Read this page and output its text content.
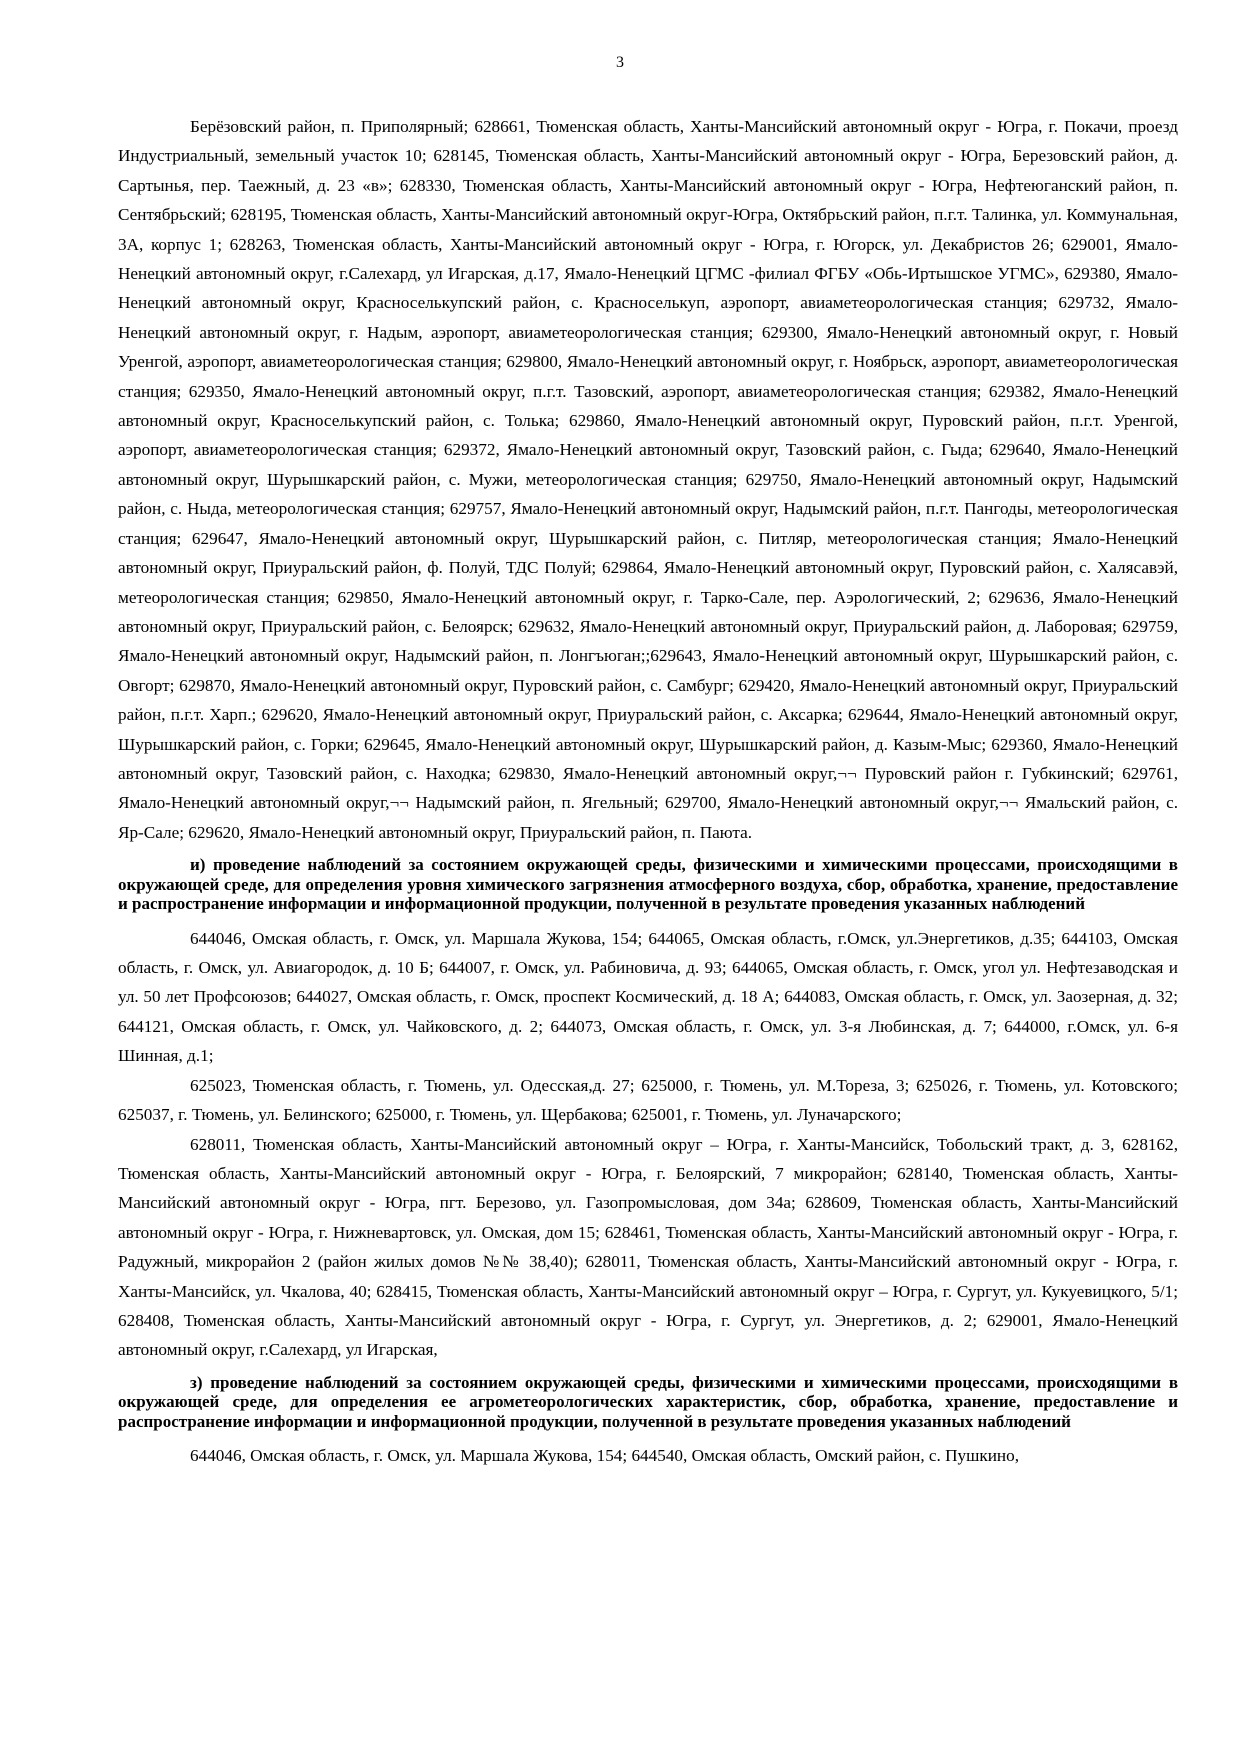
3

Берёзовский район, п. Приполярный; 628661, Тюменская область, Ханты-Мансийский автономный округ - Югра, г. Покачи, проезд Индустриальный, земельный участок 10; 628145, Тюменская область, Ханты-Мансийский автономный округ - Югра, Березовский район, д. Сартынья, пер. Таежный, д. 23 «в»; 628330, Тюменская область, Ханты-Мансийский автономный округ - Югра, Нефтеюганский район, п. Сентябрьский; 628195, Тюменская область, Ханты-Мансийский автономный округ-Югра, Октябрьский район, п.г.т. Талинка, ул. Коммунальная, 3А, корпус 1; 628263, Тюменская область, Ханты-Мансийский автономный округ - Югра, г. Югорск, ул. Декабристов 26; 629001, Ямало-Ненецкий автономный округ, г.Салехард, ул Игарская, д.17, Ямало-Ненецкий ЦГМС -филиал ФГБУ «Обь-Иртышское УГМС», 629380, Ямало-Ненецкий автономный округ, Красноселькупский район, с. Красноселькуп, аэропорт, авиаметеорологическая станция; 629732, Ямало-Ненецкий автономный округ, г. Надым, аэропорт, авиаметеорологическая станция; 629300, Ямало-Ненецкий автономный округ, г. Новый Уренгой, аэропорт, авиаметеорологическая станция; 629800, Ямало-Ненецкий автономный округ, г. Ноябрьск, аэропорт, авиаметеорологическая станция; 629350, Ямало-Ненецкий автономный округ, п.г.т. Тазовский, аэропорт, авиаметеорологическая станция; 629382, Ямало-Ненецкий автономный округ, Красноселькупский район, с. Толька; 629860, Ямало-Ненецкий автономный округ, Пуровский район, п.г.т. Уренгой, аэропорт, авиаметеорологическая станция; 629372, Ямало-Ненецкий автономный округ, Тазовский район, с. Гыда; 629640, Ямало-Ненецкий автономный округ, Шурышкарский район, с. Мужи, метеорологическая станция; 629750, Ямало-Ненецкий автономный округ, Надымский район, с. Ныда, метеорологическая станция; 629757, Ямало-Ненецкий автономный округ, Надымский район, п.г.т. Пангоды, метеорологическая станция; 629647, Ямало-Ненецкий автономный округ, Шурышкарский район, с. Питляр, метеорологическая станция; Ямало-Ненецкий автономный округ, Приуральский район, ф. Полуй, ТДС Полуй; 629864, Ямало-Ненецкий автономный округ, Пуровский район, с. Халясавэй, метеорологическая станция; 629850, Ямало-Ненецкий автономный округ, г. Тарко-Сале, пер. Аэрологический, 2; 629636, Ямало-Ненецкий автономный округ, Приуральский район, с. Белоярск; 629632, Ямало-Ненецкий автономный округ, Приуральский район, д. Лаборовая; 629759, Ямало-Ненецкий автономный округ, Надымский район, п. Лонгъюган;;629643, Ямало-Ненецкий автономный округ, Шурышкарский район, с. Овгорт; 629870, Ямало-Ненецкий автономный округ, Пуровский район, с. Самбург; 629420, Ямало-Ненецкий автономный округ, Приуральский район, п.г.т. Харп.; 629620, Ямало-Ненецкий автономный округ, Приуральский район, с. Аксарка; 629644, Ямало-Ненецкий автономный округ, Шурышкарский район, с. Горки; 629645, Ямало-Ненецкий автономный округ, Шурышкарский район, д. Казым-Мыс; 629360, Ямало-Ненецкий автономный округ, Тазовский район, с. Находка; 629830, Ямало-Ненецкий автономный округ,¬¬ Пуровский район г. Губкинский; 629761, Ямало-Ненецкий автономный округ,¬¬ Надымский район, п. Ягельный; 629700, Ямало-Ненецкий автономный округ,¬¬ Ямальский район, с. Яр-Сале; 629620, Ямало-Ненецкий автономный округ, Приуральский район, п. Паюта.

и) проведение наблюдений за состоянием окружающей среды, физическими и химическими процессами, происходящими в окружающей среде, для определения уровня химического загрязнения атмосферного воздуха, сбор, обработка, хранение, предоставление и распространение информации и информационной продукции, полученной в результате проведения указанных наблюдений

644046, Омская область, г. Омск, ул. Маршала Жукова, 154; 644065, Омская область, г.Омск, ул.Энергетиков, д.35; 644103, Омская область, г. Омск, ул. Авиагородок, д. 10 Б; 644007, г. Омск, ул. Рабиновича, д. 93; 644065, Омская область, г. Омск, угол ул. Нефтезаводская и ул. 50 лет Профсоюзов; 644027, Омская область, г. Омск, проспект Космический, д. 18 А; 644083, Омская область, г. Омск, ул. Заозерная, д. 32; 644121, Омская область, г. Омск, ул. Чайковского, д. 2; 644073, Омская область, г. Омск, ул. 3-я Любинская, д. 7; 644000, г.Омск, ул. 6-я Шинная, д.1;

625023, Тюменская область, г. Тюмень, ул. Одесская,д. 27; 625000, г. Тюмень, ул. М.Тореза, 3; 625026, г. Тюмень, ул. Котовского; 625037, г. Тюмень, ул. Белинского; 625000, г. Тюмень, ул. Щербакова; 625001, г. Тюмень, ул. Луначарского;

628011, Тюменская область, Ханты-Мансийский автономный округ – Югра, г. Ханты-Мансийск, Тобольский тракт, д. 3, 628162, Тюменская область, Ханты-Мансийский автономный округ - Югра, г. Белоярский, 7 микрорайон; 628140, Тюменская область, Ханты-Мансийский автономный округ - Югра, пгт. Березово, ул. Газопромысловая, дом 34а; 628609, Тюменская область, Ханты-Мансийский автономный округ - Югра, г. Нижневартовск, ул. Омская, дом 15; 628461, Тюменская область, Ханты-Мансийский автономный округ - Югра, г. Радужный, микрорайон 2 (район жилых домов №№ 38,40); 628011, Тюменская область, Ханты-Мансийский автономный округ - Югра, г. Ханты-Мансийск, ул. Чкалова, 40; 628415, Тюменская область, Ханты-Мансийский автономный округ – Югра, г. Сургут, ул. Кукуевицкого, 5/1; 628408, Тюменская область, Ханты-Мансийский автономный округ - Югра, г. Сургут, ул. Энергетиков, д. 2; 629001, Ямало-Ненецкий автономный округ, г.Салехард, ул Игарская,

з) проведение наблюдений за состоянием окружающей среды, физическими и химическими процессами, происходящими в окружающей среде, для определения ее агрометеорологических характеристик, сбор, обработка, хранение, предоставление и распространение информации и информационной продукции, полученной в результате проведения указанных наблюдений

644046, Омская область, г. Омск, ул. Маршала Жукова, 154; 644540, Омская область, Омский район, с. Пушкино,
